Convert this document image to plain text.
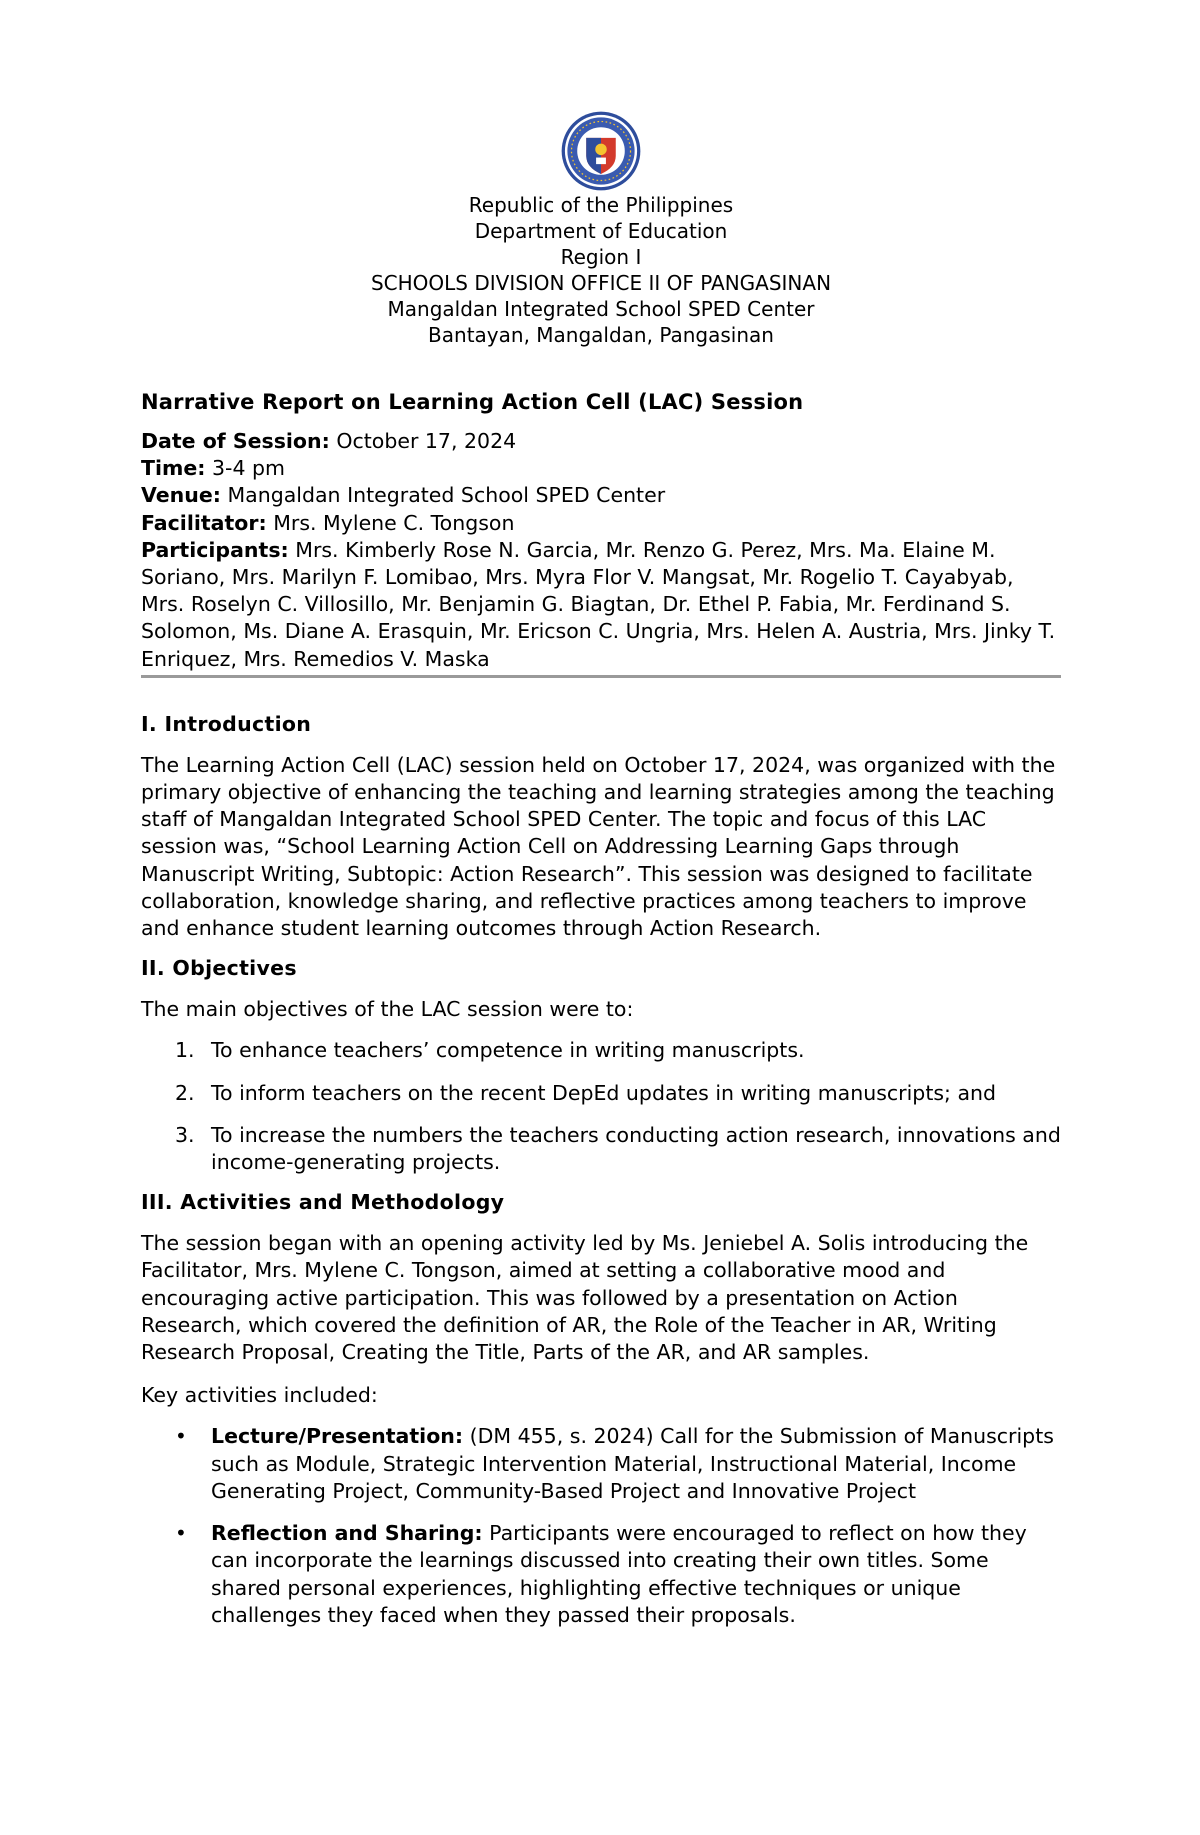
Republic of the Philippines
Department of Education
Region I
SCHOOLS DIVISION OFFICE II OF PANGASINAN
Mangaldan Integrated School SPED Center
Bantayan, Mangaldan, Pangasinan
Narrative Report on Learning Action Cell (LAC) Session
Date of Session: October 17, 2024
Time: 3-4 pm
Venue: Mangaldan Integrated School SPED Center
Facilitator: Mrs. Mylene C. Tongson
Participants: Mrs. Kimberly Rose N. Garcia, Mr. Renzo G. Perez, Mrs. Ma. Elaine M. Soriano, Mrs. Marilyn F. Lomibao, Mrs. Myra Flor V. Mangsat, Mr. Rogelio T. Cayabyab, Mrs. Roselyn C. Villosillo, Mr. Benjamin G. Biagtan, Dr. Ethel P. Fabia, Mr. Ferdinand S. Solomon, Ms. Diane A. Erasquin, Mr. Ericson C. Ungria, Mrs. Helen A. Austria, Mrs. Jinky T. Enriquez, Mrs. Remedios V. Maska
I. Introduction

The Learning Action Cell (LAC) session held on October 17, 2024, was organized with the primary objective of enhancing the teaching and learning strategies among the teaching staff of Mangaldan Integrated School SPED Center. The topic and focus of this LAC session was, “School Learning Action Cell on Addressing Learning Gaps through Manuscript Writing, Subtopic: Action Research”. This session was designed to facilitate collaboration, knowledge sharing, and reflective practices among teachers to improve and enhance student learning outcomes through Action Research.

II. Objectives

The main objectives of the LAC session were to:

1. To enhance teachers’ competence in writing manuscripts.
2. To inform teachers on the recent DepEd updates in writing manuscripts; and
3. To increase the numbers the teachers conducting action research, innovations and income-generating projects.
III. Activities and Methodology

The session began with an opening activity led by Ms. Jeniebel A. Solis introducing the Facilitator, Mrs. Mylene C. Tongson, aimed at setting a collaborative mood and encouraging active participation. This was followed by a presentation on Action Research, which covered the definition of AR, the Role of the Teacher in AR, Writing Research Proposal, Creating the Title, Parts of the AR, and AR samples.

Key activities included:

• Lecture/Presentation: (DM 455, s. 2024) Call for the Submission of Manuscripts such as Module, Strategic Intervention Material, Instructional Material, Income Generating Project, Community-Based Project and Innovative Project
• Reflection and Sharing: Participants were encouraged to reflect on how they can incorporate the learnings discussed into creating their own titles. Some shared personal experiences, highlighting effective techniques or unique challenges they faced when they passed their proposals.
